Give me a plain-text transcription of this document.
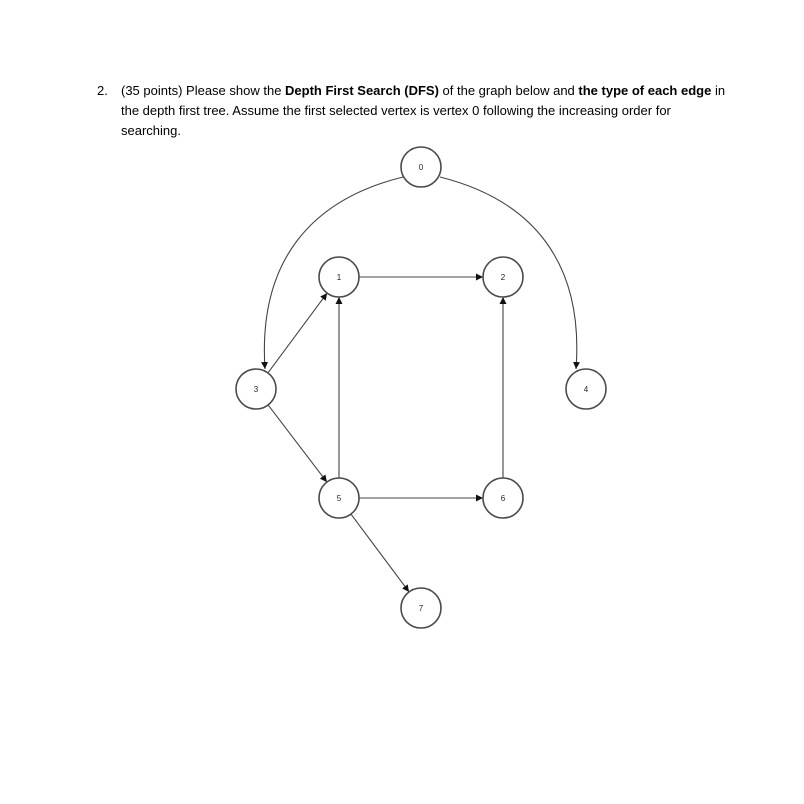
2. (35 points) Please show the Depth First Search (DFS) of the graph below and the type of each edge in the depth first tree. Assume the first selected vertex is vertex 0 following the increasing order for searching.
0
1	2
3	4
5	6
7
